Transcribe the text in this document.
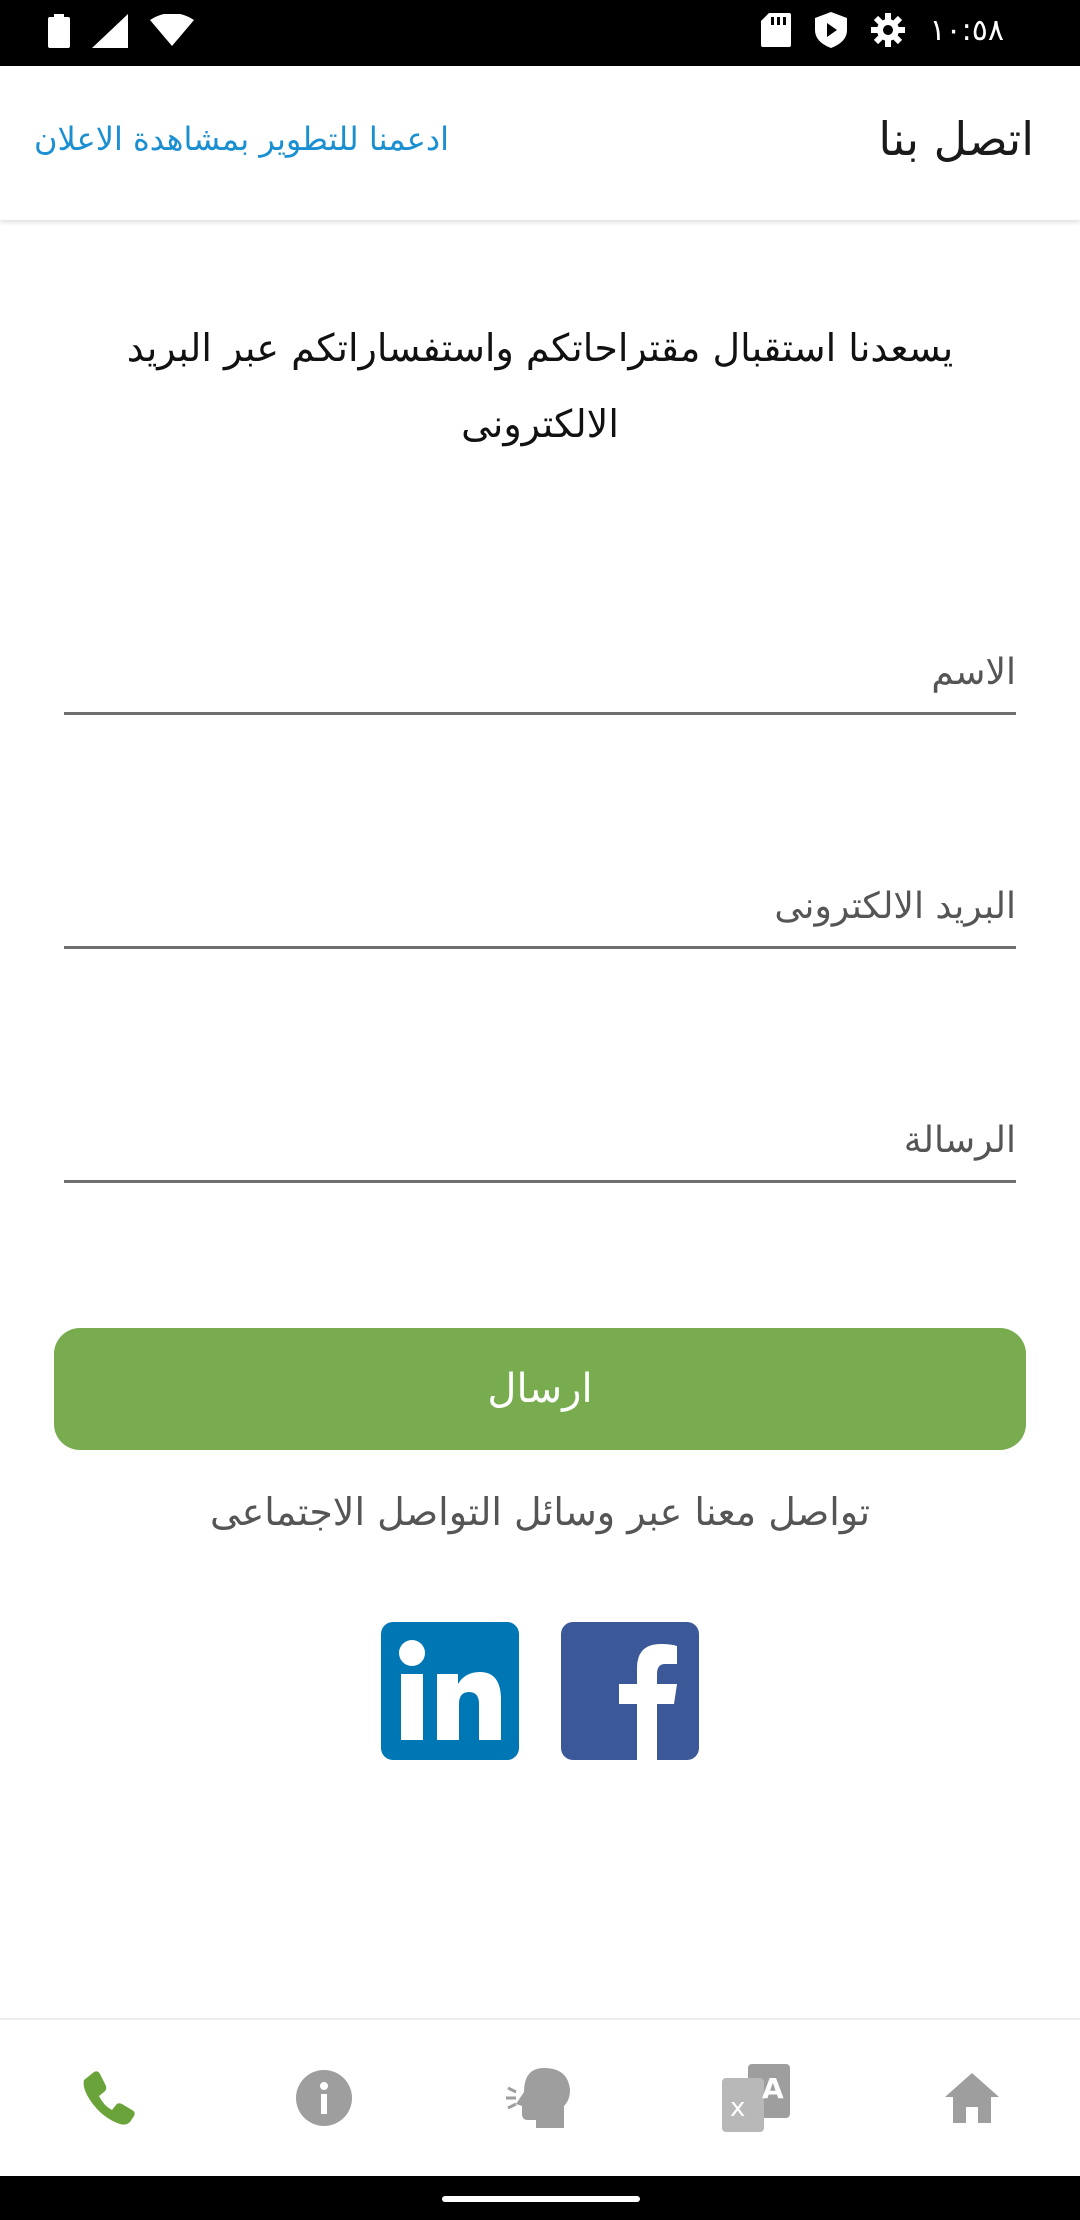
١٠:٥٨
اتصل بنا
ادعمنا للتطوير بمشاهدة الاعلان
يسعدنا استقبال مقتراحاتكم واستفساراتكم عبر البريد الالكترونى
الاسم
البريد الالكترونى
الرسالة
ارسال
تواصل معنا عبر وسائل التواصل الاجتماعى
A
x
